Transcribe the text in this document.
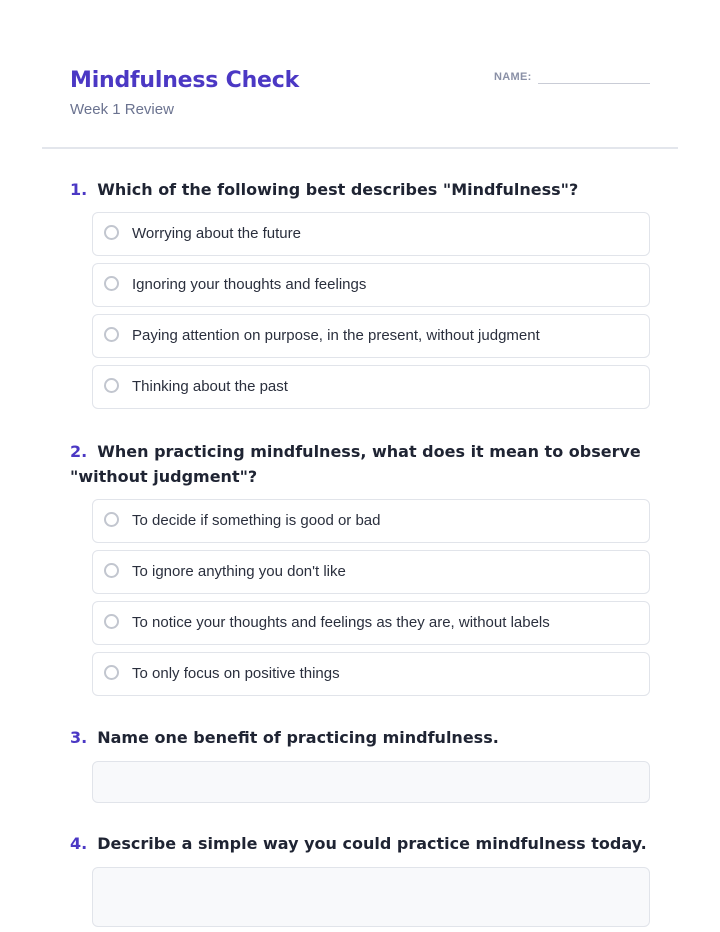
Mindfulness Check
Week 1 Review
NAME:
1. Which of the following best describes "Mindfulness"?
Worrying about the future
Ignoring your thoughts and feelings
Paying attention on purpose, in the present, without judgment
Thinking about the past
2. When practicing mindfulness, what does it mean to observe "without judgment"?
To decide if something is good or bad
To ignore anything you don't like
To notice your thoughts and feelings as they are, without labels
To only focus on positive things
3. Name one benefit of practicing mindfulness.
4. Describe a simple way you could practice mindfulness today.
